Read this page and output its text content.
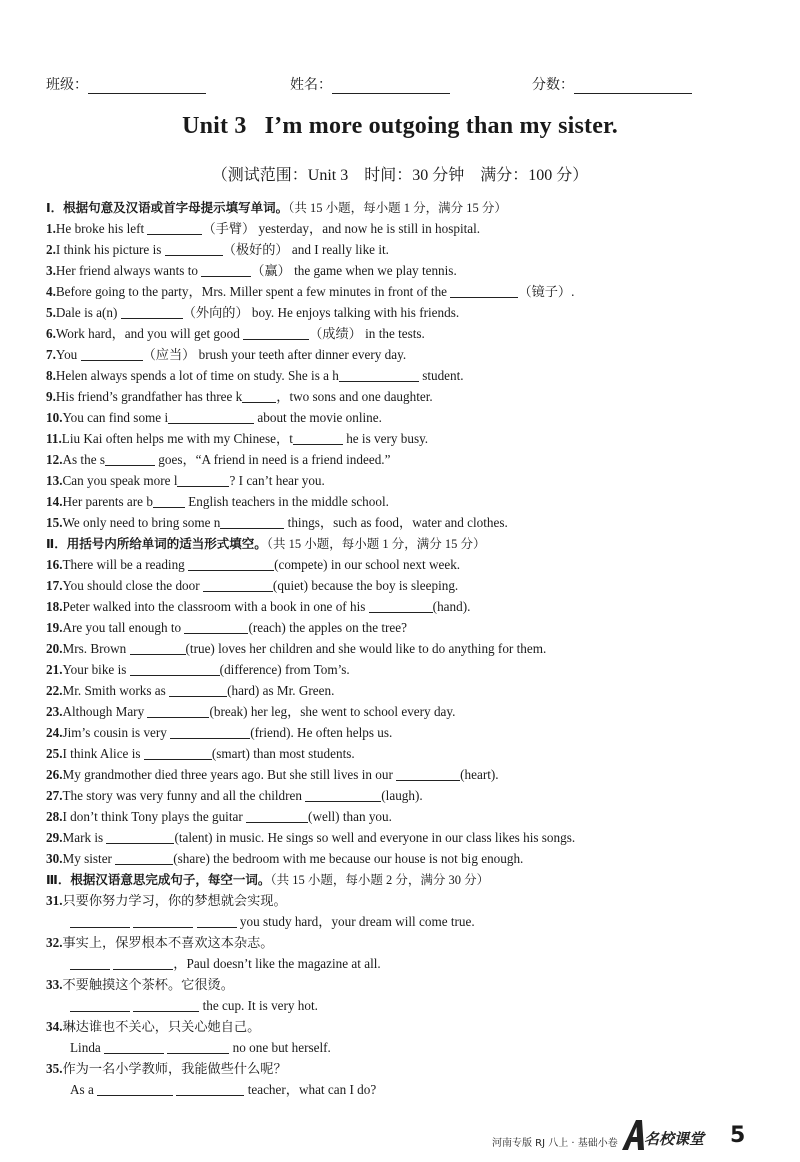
班级：	姓名：	分数：
Unit 3 I’m more outgoing than my sister.
（测试范围：Unit 3　时间：30 分钟　满分：100 分）
Ⅰ．根据句意及汉语或首字母提示填写单词。（共 15 小题，每小题 1 分，满分 15 分）
1.He broke his left	（手臂） yesterday，and now he is still in hospital.
2.I think his picture is	（极好的） and I really like it.
3.Her friend always wants to	（赢） the game when we play tennis.
4.Before going to the party，Mrs. Miller spent a few minutes in front of the	（镜子）.
5.Dale is a(n)	（外向的） boy. He enjoys talking with his friends.
6.Work hard，and you will get good	（成绩） in the tests.
7.You	（应当） brush your teeth after dinner every day.
8.Helen always spends a lot of time on study. She is a h	student.
9.His friend’s grandfather has three k	，two sons and one daughter.
10.You can find some i	about the movie online.
11.Liu Kai often helps me with my Chinese，t	he is very busy.
12.As the s	goes，“A friend in need is a friend indeed.”
13.Can you speak more l	? I can’t hear you.
14.Her parents are b English teachers in the middle school.
15.We only need to bring some n	things，such as food，water and clothes.
Ⅱ．用括号内所给单词的适当形式填空。（共 15 小题，每小题 1 分，满分 15 分）
16.There will be a reading	(compete) in our school next week.
17.You should close the door	(quiet) because the boy is sleeping.
18.Peter walked into the classroom with a book in one of his	(hand).
19.Are you tall enough to	(reach) the apples on the tree?
20.Mrs. Brown	(true) loves her children and she would like to do anything for them.
21.Your bike is	(difference) from Tom’s.
22.Mr. Smith works as	(hard) as Mr. Green.
23.Although Mary	(break) her leg，she went to school every day.
24.Jim’s cousin is very	(friend). He often helps us.
25.I think Alice is	(smart) than most students.
26.My grandmother died three years ago. But she still lives in our	(heart).
27.The story was very funny and all the children	(laugh).
28.I don’t think Tony plays the guitar	(well) than you.
29.Mark is	(talent) in music. He sings so well and everyone in our class likes his songs.
30.My sister	(share) the bedroom with me because our house is not big enough.
Ⅲ．根据汉语意思完成句子，每空一词。（共 15 小题，每小题 2 分，满分 30 分）
31.只要你努力学习，你的梦想就会实现。
you study hard，your dream will come true.
32.事实上，保罗根本不喜欢这本杂志。
，Paul doesn’t like the magazine at all.
33.不要触摸这个茶杯。它很烫。
the cup. It is very hot.
34.琳达谁也不关心，只关心她自己。
Linda	no one but herself.
35.作为一名小学教师，我能做些什么呢？
As a	teacher，what can I do?
河南专版 RJ 八上 · 基础小卷 名校课堂 5
